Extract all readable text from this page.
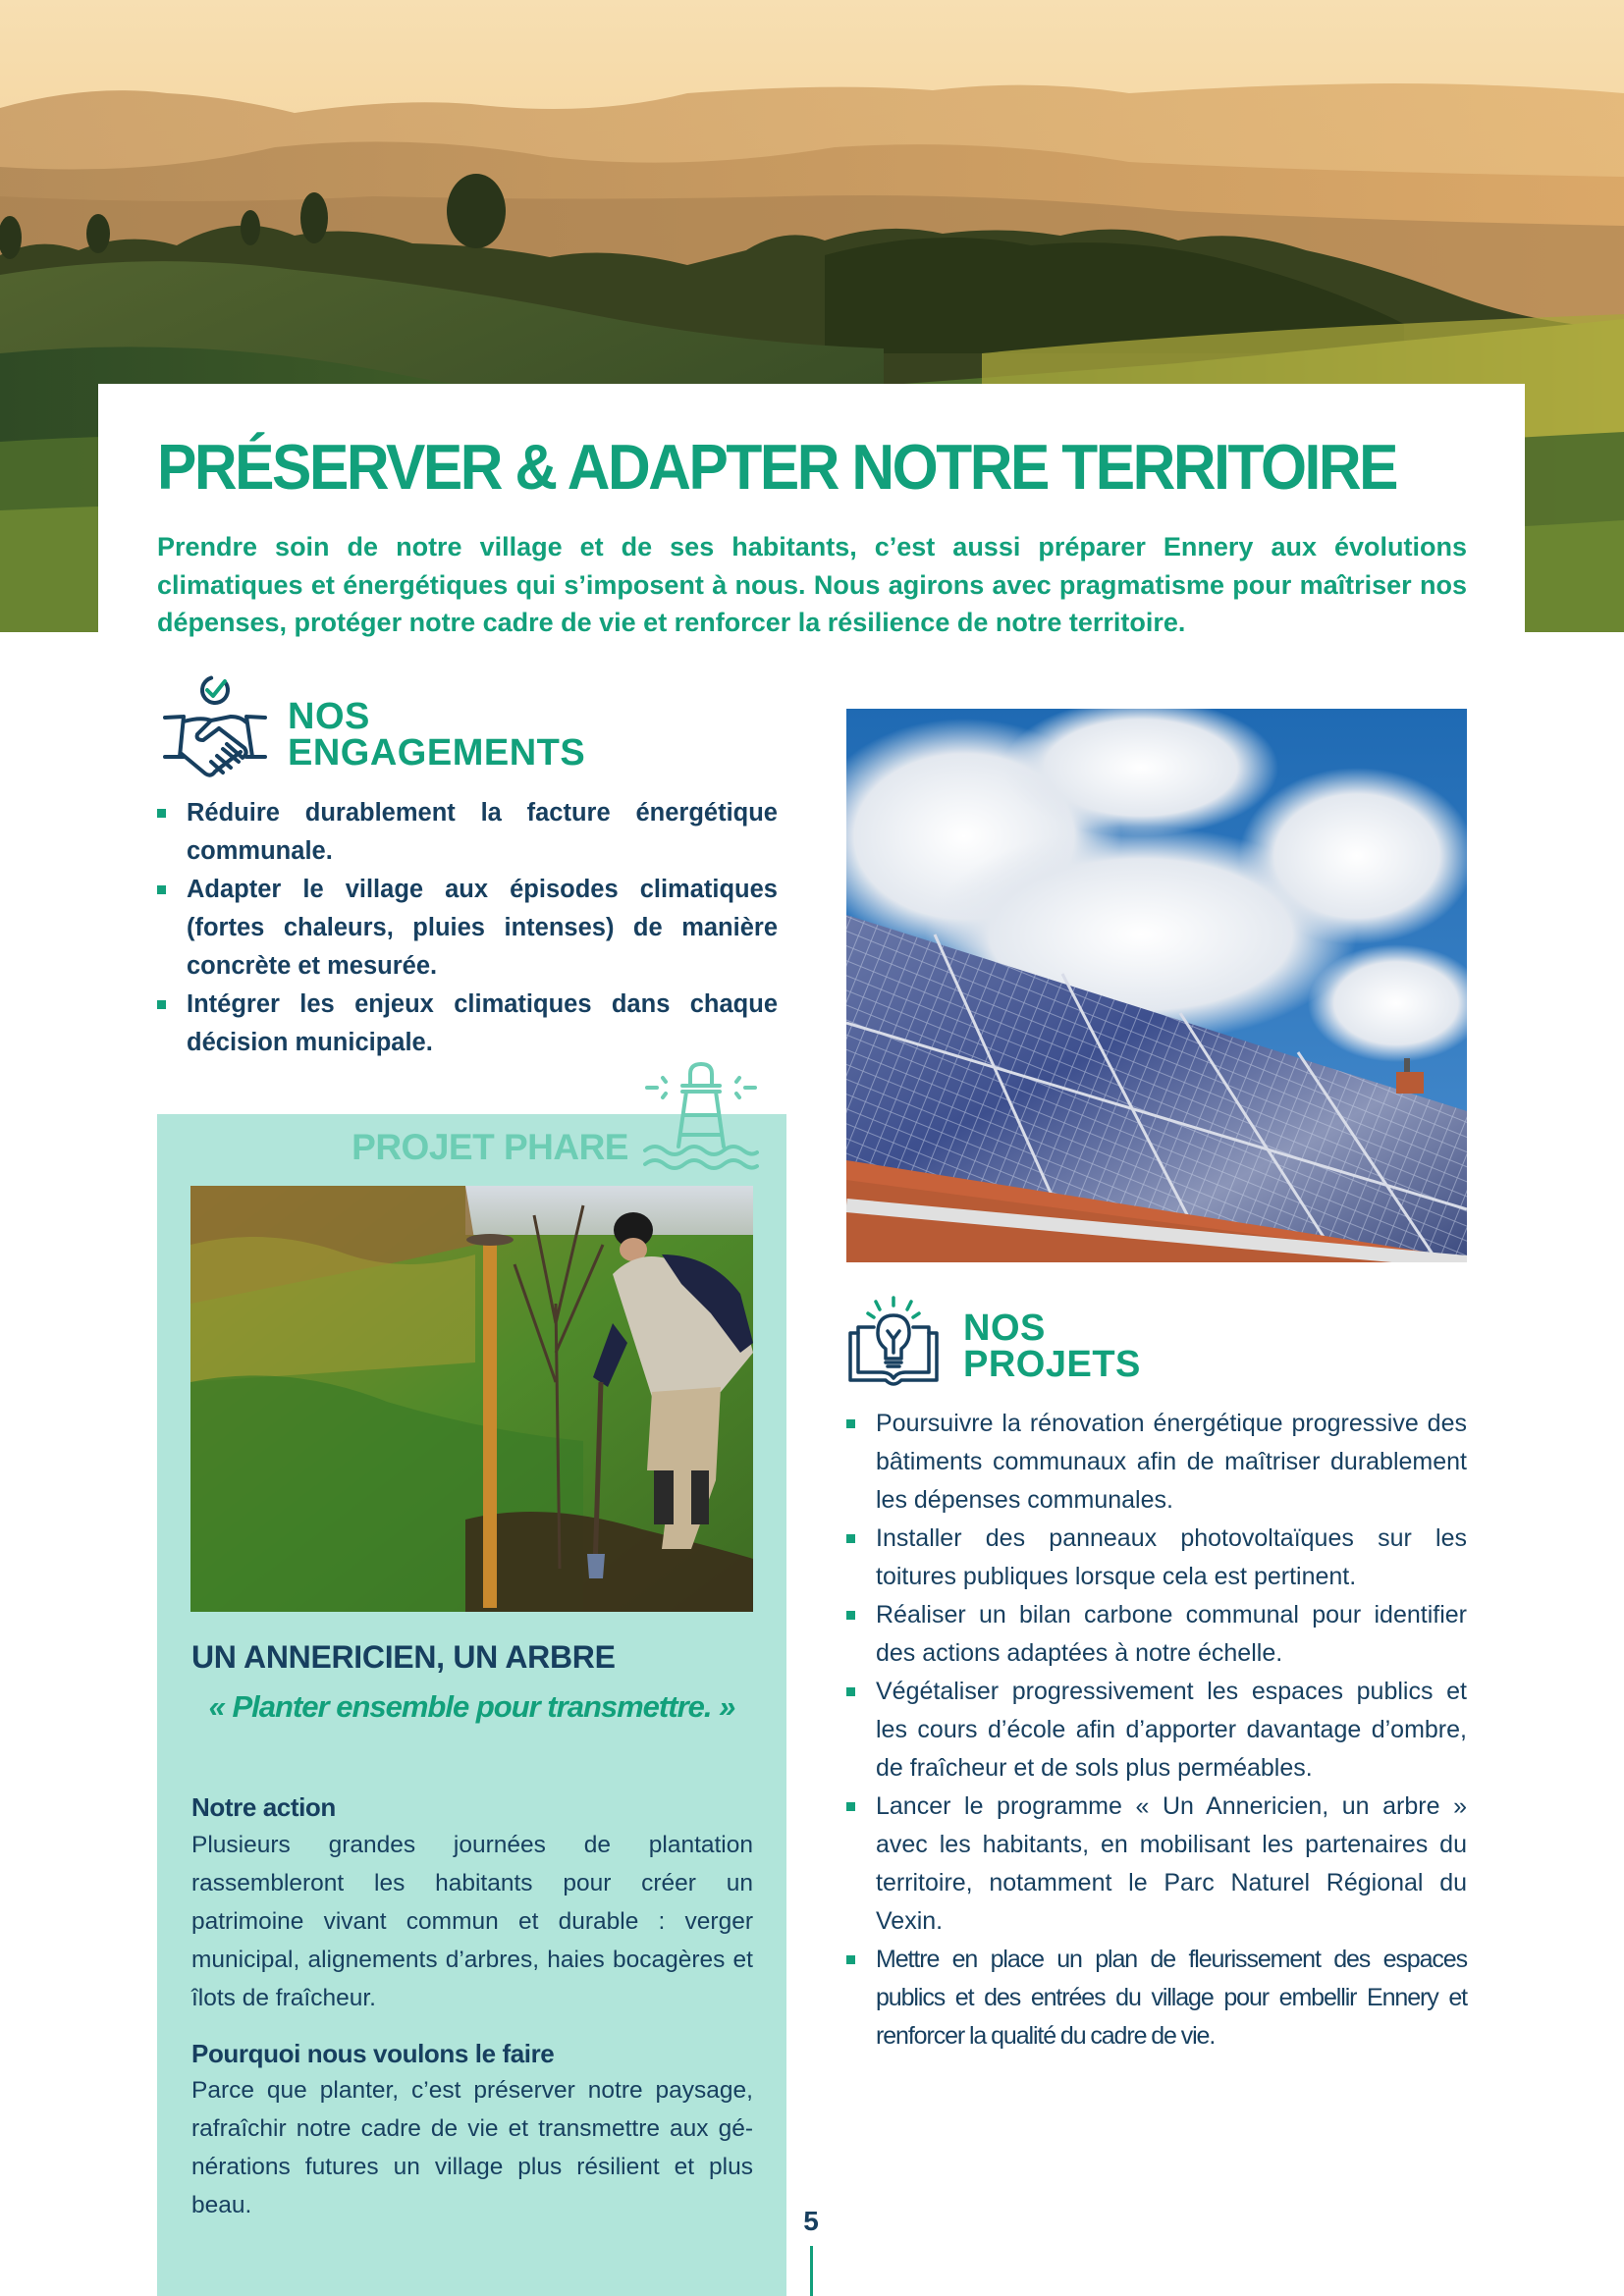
PRÉSERVER & ADAPTER NOTRE TERRITOIRE

Prendre soin de notre village et de ses habitants, c’est aussi préparer Ennery aux évolutions climatiques et énergétiques qui s’imposent à nous. Nous agirons avec pragmatisme pour maîtriser nos dépenses, protéger notre cadre de vie et renforcer la résilience de notre territoire.

NOS
ENGAGEMENTS
Réduire durablement la facture énergétique communale.
Adapter le village aux épisodes climatiques (fortes chaleurs, pluies intenses) de manière concrète et mesurée.
Intégrer les enjeux climatiques dans chaque décision municipale.
PROJET PHARE
UN ANNERICIEN, UN ARBRE
« Planter ensemble pour transmettre. »
Notre action

Plusieurs grandes journées de plantation rassembleront les habitants pour créer un patrimoine vivant commun et durable : verger municipal, alignements d’arbres, haies bocagères et îlots de fraîcheur.

Pourquoi nous voulons le faire

Parce que planter, c’est préserver notre paysage, rafraîchir notre cadre de vie et transmettre aux gé-nérations futures un village plus résilient et plus beau.

NOS
PROJETS
Poursuivre la rénovation énergétique progressive des bâtiments communaux afin de maîtriser durablement les dépenses communales.
Installer des panneaux photovoltaïques sur les toitures publiques lorsque cela est pertinent.
Réaliser un bilan carbone communal pour identifier des actions adaptées à notre échelle.
Végétaliser progressivement les espaces publics et les cours d’école afin d’apporter davantage d’ombre, de fraîcheur et de sols plus perméables.
Lancer le programme « Un Annericien, un arbre » avec les habitants, en mobilisant les partenaires du territoire, notamment le Parc Naturel Régional du Vexin.
Mettre en place un plan de fleurissement des espaces publics et des entrées du village pour embellir Ennery et renforcer la qualité du cadre de vie.
5
